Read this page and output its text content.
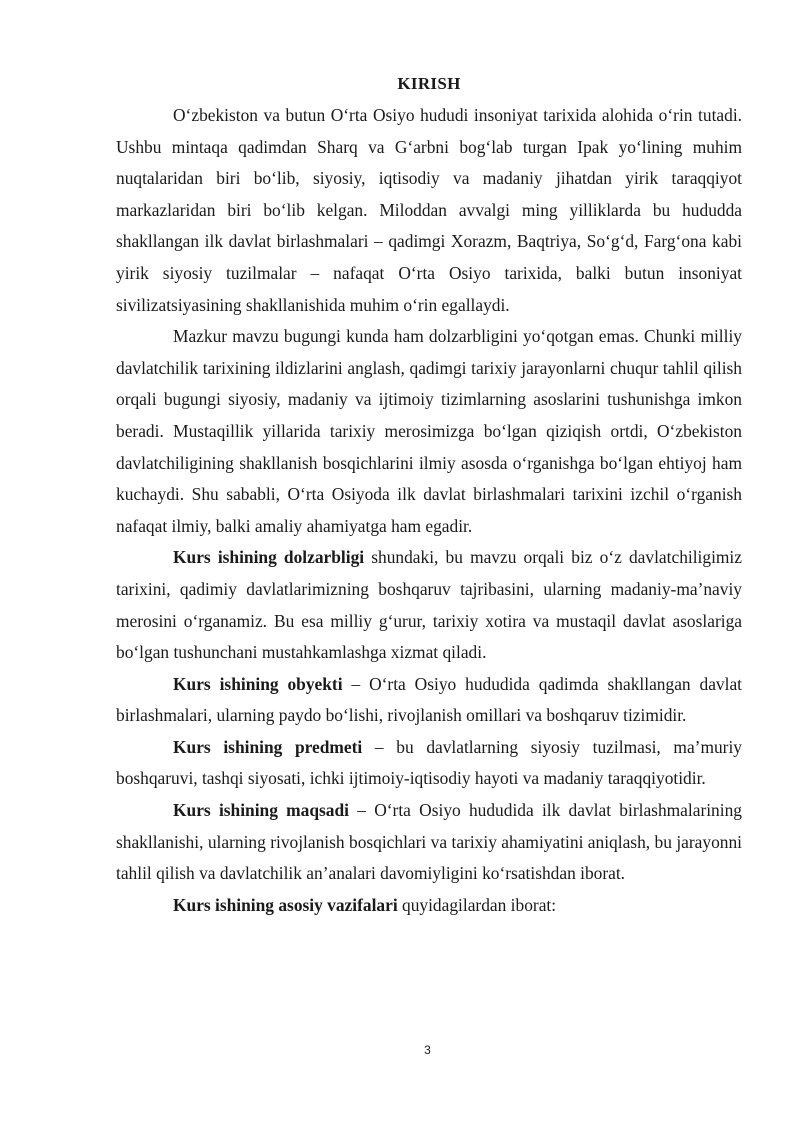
KIRISH

O‘zbekiston va butun O‘rta Osiyo hududi insoniyat tarixida alohida o‘rin tutadi. Ushbu mintaqa qadimdan Sharq va G‘arbni bog‘lab turgan Ipak yo‘lining muhim nuqtalaridan biri bo‘lib, siyosiy, iqtisodiy va madaniy jihatdan yirik taraqqiyot markazlaridan biri bo‘lib kelgan. Miloddan avvalgi ming yilliklarda bu hududda shakllangan ilk davlat birlashmalari – qadimgi Xorazm, Baqtriya, So‘g‘d, Farg‘ona kabi yirik siyosiy tuzilmalar – nafaqat O‘rta Osiyo tarixida, balki butun insoniyat sivilizatsiyasining shakllanishida muhim o‘rin egallaydi.

Mazkur mavzu bugungi kunda ham dolzarbligini yo‘qotgan emas. Chunki milliy davlatchilik tarixining ildizlarini anglash, qadimgi tarixiy jarayonlarni chuqur tahlil qilish orqali bugungi siyosiy, madaniy va ijtimoiy tizimlarning asoslarini tushunishga imkon beradi. Mustaqillik yillarida tarixiy merosimizga bo‘lgan qiziqish ortdi, O‘zbekiston davlatchiligining shakllanish bosqichlarini ilmiy asosda o‘rganishga bo‘lgan ehtiyoj ham kuchaydi. Shu sababli, O‘rta Osiyoda ilk davlat birlashmalari tarixini izchil o‘rganish nafaqat ilmiy, balki amaliy ahamiyatga ham egadir.

Kurs ishining dolzarbligi shundaki, bu mavzu orqali biz o‘z davlatchiligimiz tarixini, qadimiy davlatlarimizning boshqaruv tajribasini, ularning madaniy-ma’naviy merosini o‘rganamiz. Bu esa milliy g‘urur, tarixiy xotira va mustaqil davlat asoslariga bo‘lgan tushunchani mustahkamlashga xizmat qiladi.

Kurs ishining obyekti – O‘rta Osiyo hududida qadimda shakllangan davlat birlashmalari, ularning paydo bo‘lishi, rivojlanish omillari va boshqaruv tizimidir.

Kurs ishining predmeti – bu davlatlarning siyosiy tuzilmasi, ma’muriy boshqaruvi, tashqi siyosati, ichki ijtimoiy-iqtisodiy hayoti va madaniy taraqqiyotidir.

Kurs ishining maqsadi – O‘rta Osiyo hududida ilk davlat birlashmalarining shakllanishi, ularning rivojlanish bosqichlari va tarixiy ahamiyatini aniqlash, bu jarayonni tahlil qilish va davlatchilik an’analari davomiyligini ko‘rsatishdan iborat.

Kurs ishining asosiy vazifalari quyidagilardan iborat:

3
